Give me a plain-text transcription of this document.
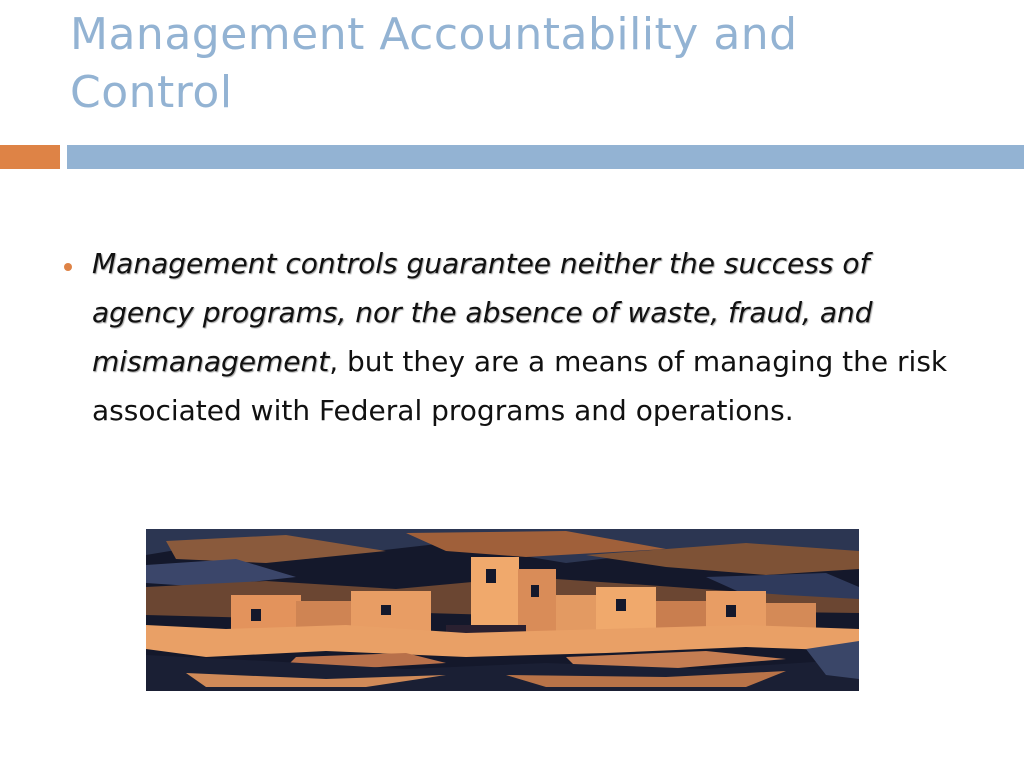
Management Accountability and Control
Management controls guarantee neither the success of agency programs, nor the absence of waste, fraud, and mismanagement, but they are a means of managing the risk associated with Federal programs and operations.
